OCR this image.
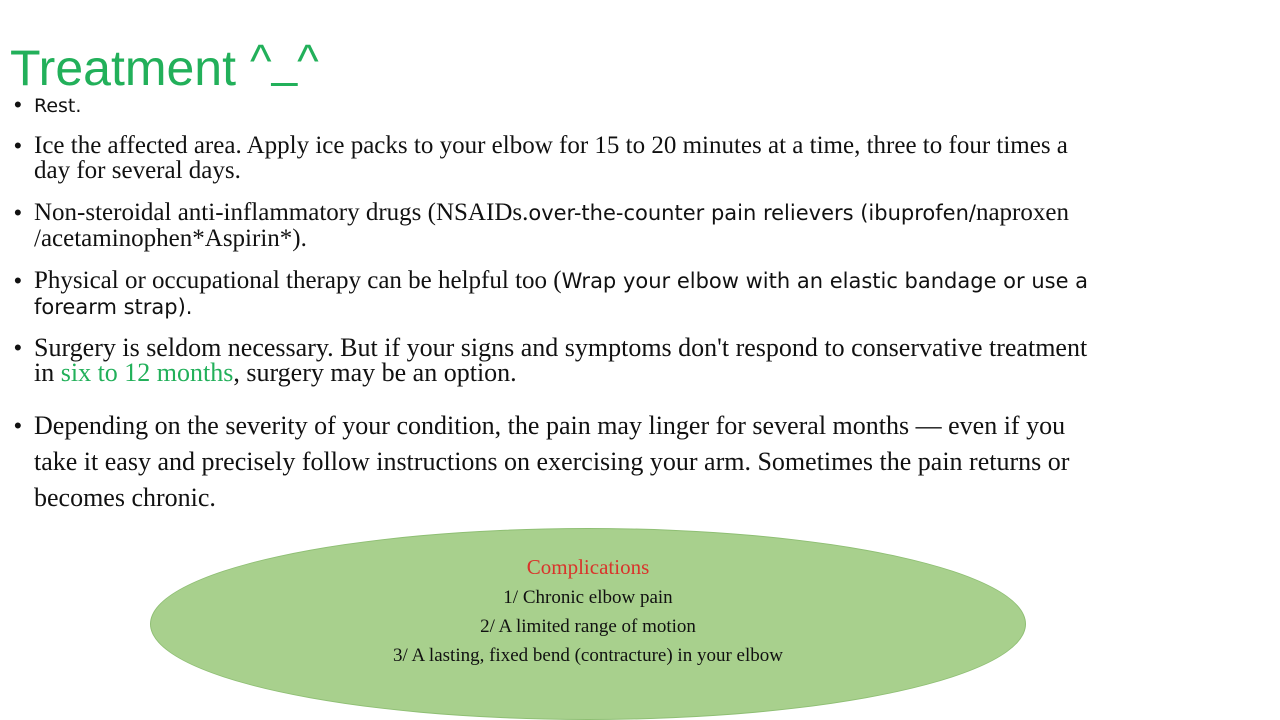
Treatment ^_^
• Rest.
• Ice the affected area. Apply ice packs to your elbow for 15 to 20 minutes at a time, three to four times a day for several days.
• Non-steroidal anti-inflammatory drugs (NSAIDs.over-the-counter pain relievers (ibuprofen/naproxen /acetaminophen*Aspirin*).
• Physical or occupational therapy can be helpful too (Wrap your elbow with an elastic bandage or use a forearm strap).
• Surgery is seldom necessary. But if your signs and symptoms don't respond to conservative treatment in six to 12 months, surgery may be an option.
• Depending on the severity of your condition, the pain may linger for several months — even if you take it easy and precisely follow instructions on exercising your arm. Sometimes the pain returns or becomes chronic.
Complications
1/ Chronic elbow pain
2/ A limited range of motion
3/ A lasting, fixed bend (contracture) in your elbow
